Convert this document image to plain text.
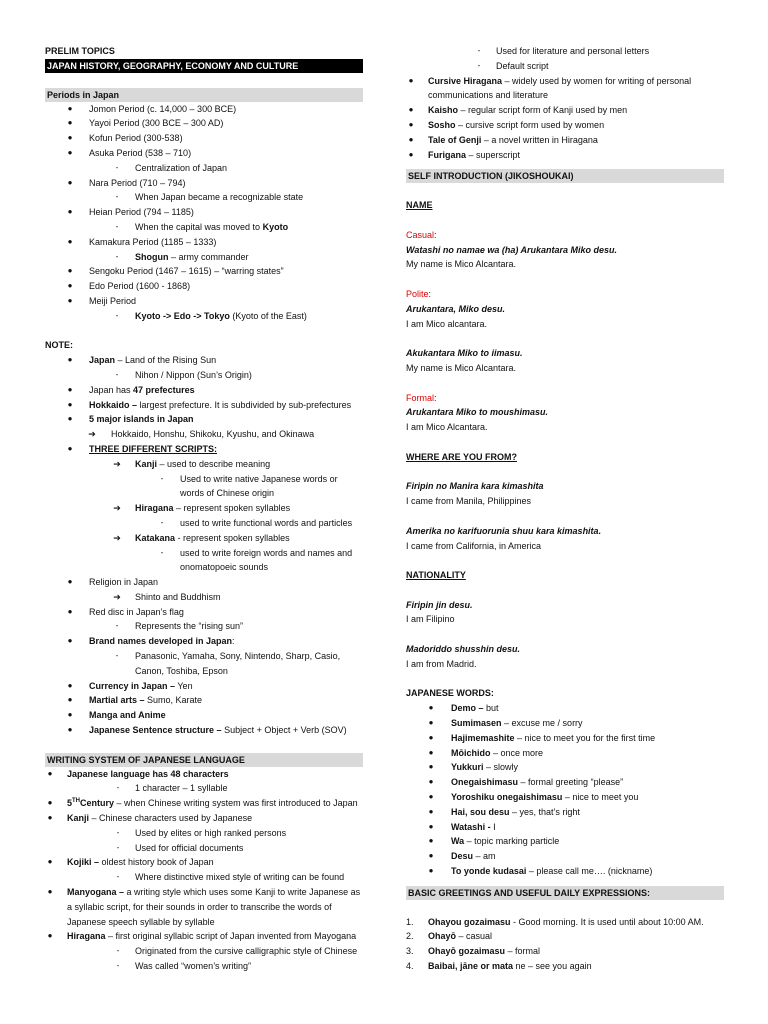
PRELIM TOPICS
JAPAN HISTORY, GEOGRAPHY, ECONOMY AND CULTURE
Periods in Japan
● Jomon Period (c. 14,000 – 300 BCE)
● Yayoi Period (300 BCE – 300 AD)
● Kofun Period (300-538)
● Asuka Period (538 – 710)
-	Centralization of Japan
● Nara Period (710 – 794)
-	When Japan became a recognizable state
● Heian Period (794 – 1185)
-	When the capital was moved to Kyoto
● Kamakura Period (1185 – 1333)
-	Shogun – army commander
● Sengoku Period (1467 – 1615) – “warring states”
● Edo Period (1600 - 1868)
● Meiji Period
-	Kyoto -> Edo -> Tokyo (Kyoto of the East)
NOTE:
● Japan – Land of the Rising Sun
-	Nihon / Nippon (Sun’s Origin)
● Japan has 47 prefectures
● Hokkaido – largest prefecture. It is subdivided by sub-prefectures
● 5 major islands in Japan
➔ Hokkaido, Honshu, Shikoku, Kyushu, and Okinawa
● THREE DIFFERENT SCRIPTS:
➔ Kanji – used to describe meaning
-	Used to write native Japanese words or
words of Chinese origin
➔ Hiragana – represent spoken syllables
-	used to write functional words and particles
➔ Katakana - represent spoken syllables
-	used to write foreign words and names and
onomatopoeic sounds
● Religion in Japan
➔ Shinto and Buddhism
● Red disc in Japan’s flag
-	Represents the “rising sun”
● Brand names developed in Japan:
-	Panasonic, Yamaha, Sony, Nintendo, Sharp, Casio,
Canon, Toshiba, Epson
● Currency in Japan – Yen
● Martial arts – Sumo, Karate
● Manga and Anime
● Japanese Sentence structure – Subject + Object + Verb (SOV)
WRITING SYSTEM OF JAPANESE LANGUAGE
● Japanese language has 48 characters
-	1 character – 1 syllable
● 5THCentury – when Chinese writing system was first introduced to Japan
● Kanji – Chinese characters used by Japanese
-	Used by elites or high ranked persons
-	Used for official documents
● Kojiki – oldest history book of Japan
-	Where distinctive mixed style of writing can be found
● Manyogana – a writing style which uses some Kanji to write Japanese as
a syllabic script, for their sounds in order to transcribe the words of
Japanese speech syllable by syllable
● Hiragana – first original syllabic script of Japan invented from Mayogana
-	Originated from the cursive calligraphic style of Chinese
-	Was called “women’s writing”
-	Used for literature and personal letters
-	Default script
● Cursive Hiragana – widely used by women for writing of personal
communications and literature
● Kaisho – regular script form of Kanji used by men
● Sosho – cursive script form used by women
● Tale of Genji – a novel written in Hiragana
● Furigana – superscript
SELF INTRODUCTION (JIKOSHOUKAI)
NAME
Casual:
Watashi no namae wa (ha) Arukantara Miko desu.
My name is Mico Alcantara.
Polite:
Arukantara, Miko desu.
I am Mico alcantara.
Akukantara Miko to iimasu.
My name is Mico Alcantara.
Formal:
Arukantara Miko to moushimasu.
I am Mico Alcantara.
WHERE ARE YOU FROM?
Firipin no Manira kara kimashita
I came from Manila, Philippines
Amerika no karifuorunia shuu kara kimashita.
I came from California, in America
NATIONALITY
Firipin jin desu.
I am Filipino
Madoriddo shusshin desu.
I am from Madrid.
JAPANESE WORDS:
● Demo – but
● Sumimasen – excuse me / sorry
● Hajimemashite – nice to meet you for the first time
● Mōichido – once more
● Yukkuri – slowly
● Onegaishimasu – formal greeting “please”
● Yoroshiku onegaishimasu – nice to meet you
● Hai, sou desu – yes, that’s right
● Watashi - I
● Wa – topic marking particle
● Desu – am
● To yonde kudasai – please call me…. (nickname)
BASIC GREETINGS AND USEFUL DAILY EXPRESSIONS:
1.	Ohayou gozaimasu - Good morning. It is used until about 10:00 AM.
2.	Ohayō – casual
3.	Ohayō gozaimasu – formal
4.	Baibai, jāne or mata ne – see you again
